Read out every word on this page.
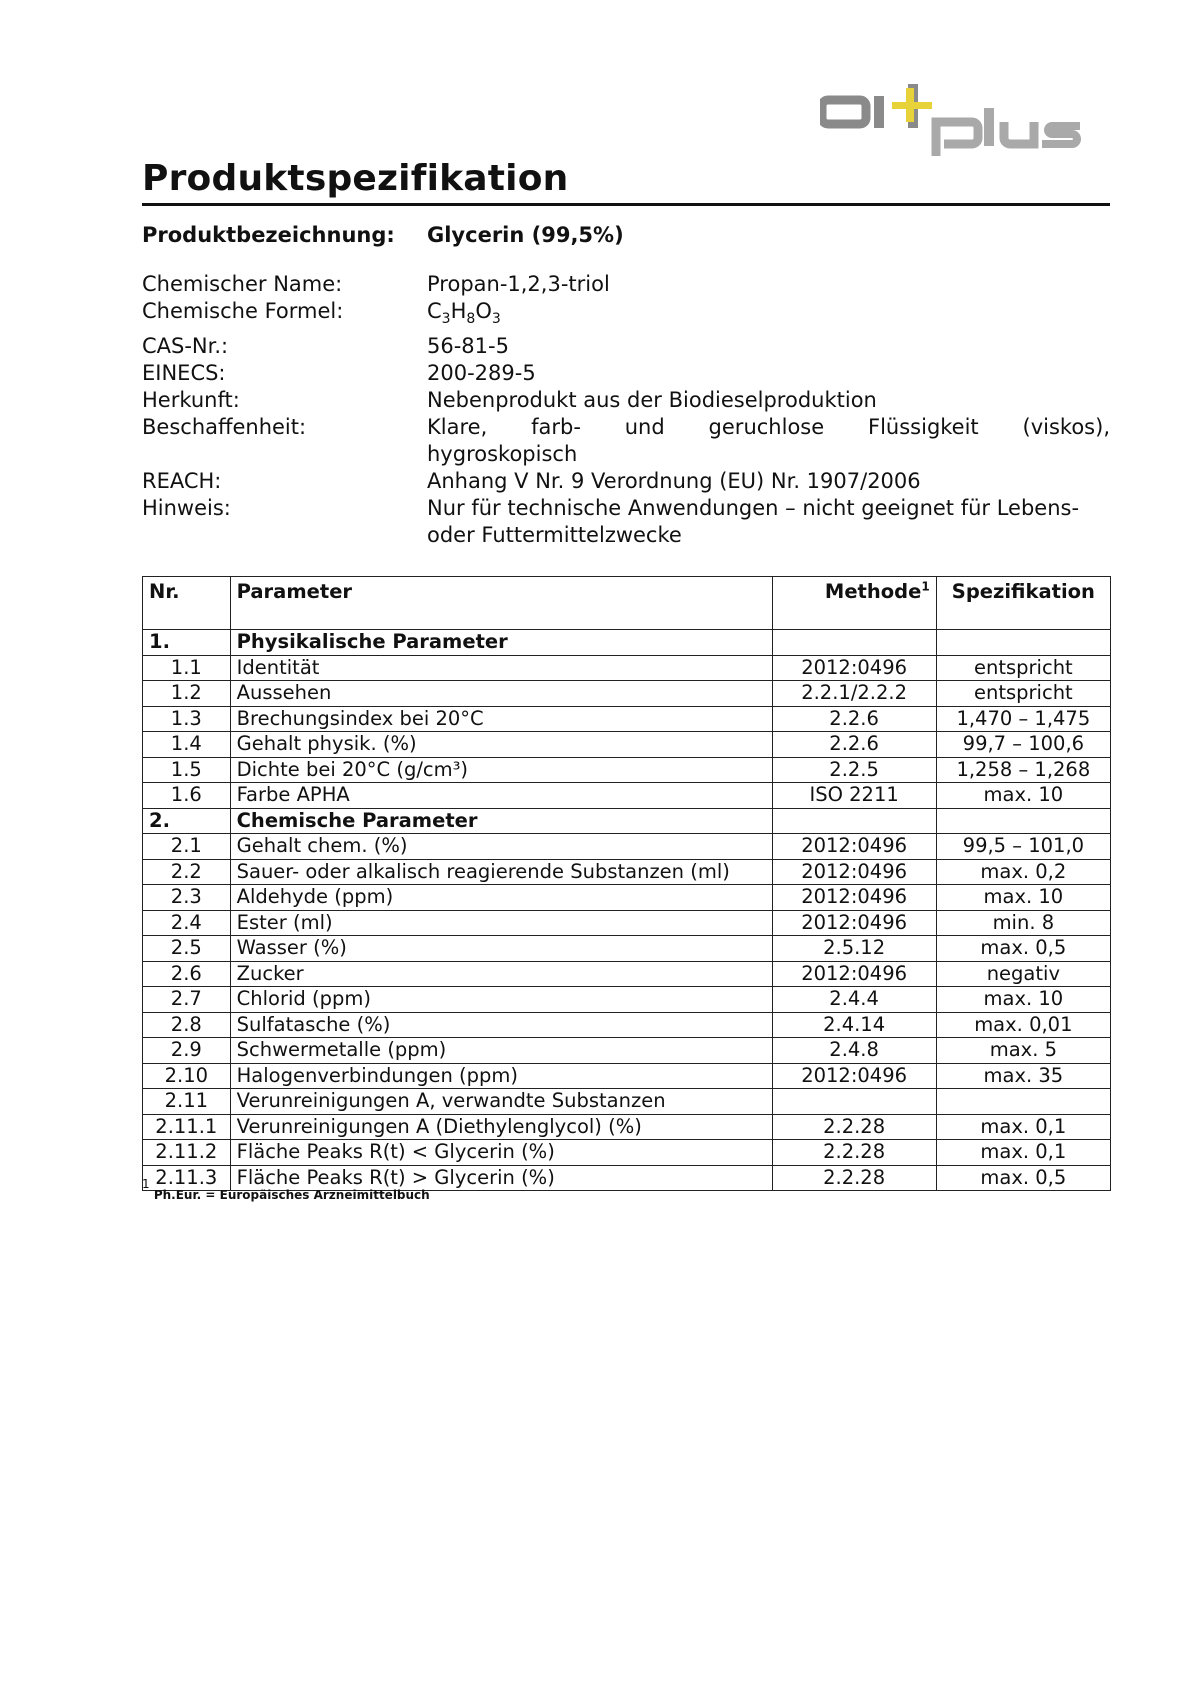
Produktspezifikation
Produktbezeichnung:	Glycerin (99,5%)
Chemischer Name:	Propan-1,2,3-triol
Chemische Formel:	$C_3H_8O_3$
CAS-Nr.:	56-81-5
EINECS:	200-289-5
Herkunft:	Nebenprodukt aus der Biodieselproduktion
Beschaffenheit:	Klare, farb- und geruchlose Flüssigkeit (viskos),
hygroskopisch
REACH:	Anhang V Nr. 9 Verordnung (EU) Nr. 1907/2006
Hinweis:	Nur für technische Anwendungen – nicht geeignet für Lebens-
oder Futtermittelzwecke
Nr.	Parameter	Methode$^1$	Spezifikation
1.	Physikalische Parameter		
1.1	Identität	2012:0496	entspricht
1.2	Aussehen	2.2.1/2.2.2	entspricht
1.3	Brechungsindex bei 20°C	2.2.6	1,470 – 1,475
1.4	Gehalt physik. (%)	2.2.6	99,7 – 100,6
1.5	Dichte bei 20°C (g/cm³)	2.2.5	1,258 – 1,268
1.6	Farbe APHA	ISO 2211	max. 10
2.	Chemische Parameter		
2.1	Gehalt chem. (%)	2012:0496	99,5 – 101,0
2.2	Sauer- oder alkalisch reagierende Substanzen (ml)	2012:0496	max. 0,2
2.3	Aldehyde (ppm)	2012:0496	max. 10
2.4	Ester (ml)	2012:0496	min. 8
2.5	Wasser (%)	2.5.12	max. 0,5
2.6	Zucker	2012:0496	negativ
2.7	Chlorid (ppm)	2.4.4	max. 10
2.8	Sulfatasche (%)	2.4.14	max. 0,01
2.9	Schwermetalle (ppm)	2.4.8	max. 5
2.10	Halogenverbindungen (ppm)	2012:0496	max. 35
2.11	Verunreinigungen A, verwandte Substanzen		
2.11.1	Verunreinigungen A (Diethylenglycol) (%)	2.2.28	max. 0,1
2.11.2	Fläche Peaks R(t) < Glycerin (%)	2.2.28	max. 0,1
2.11.3	Fläche Peaks R(t) > Glycerin (%)	2.2.28	max. 0,5
$^1$ Ph.Eur. = Europäisches Arzneimittelbuch
